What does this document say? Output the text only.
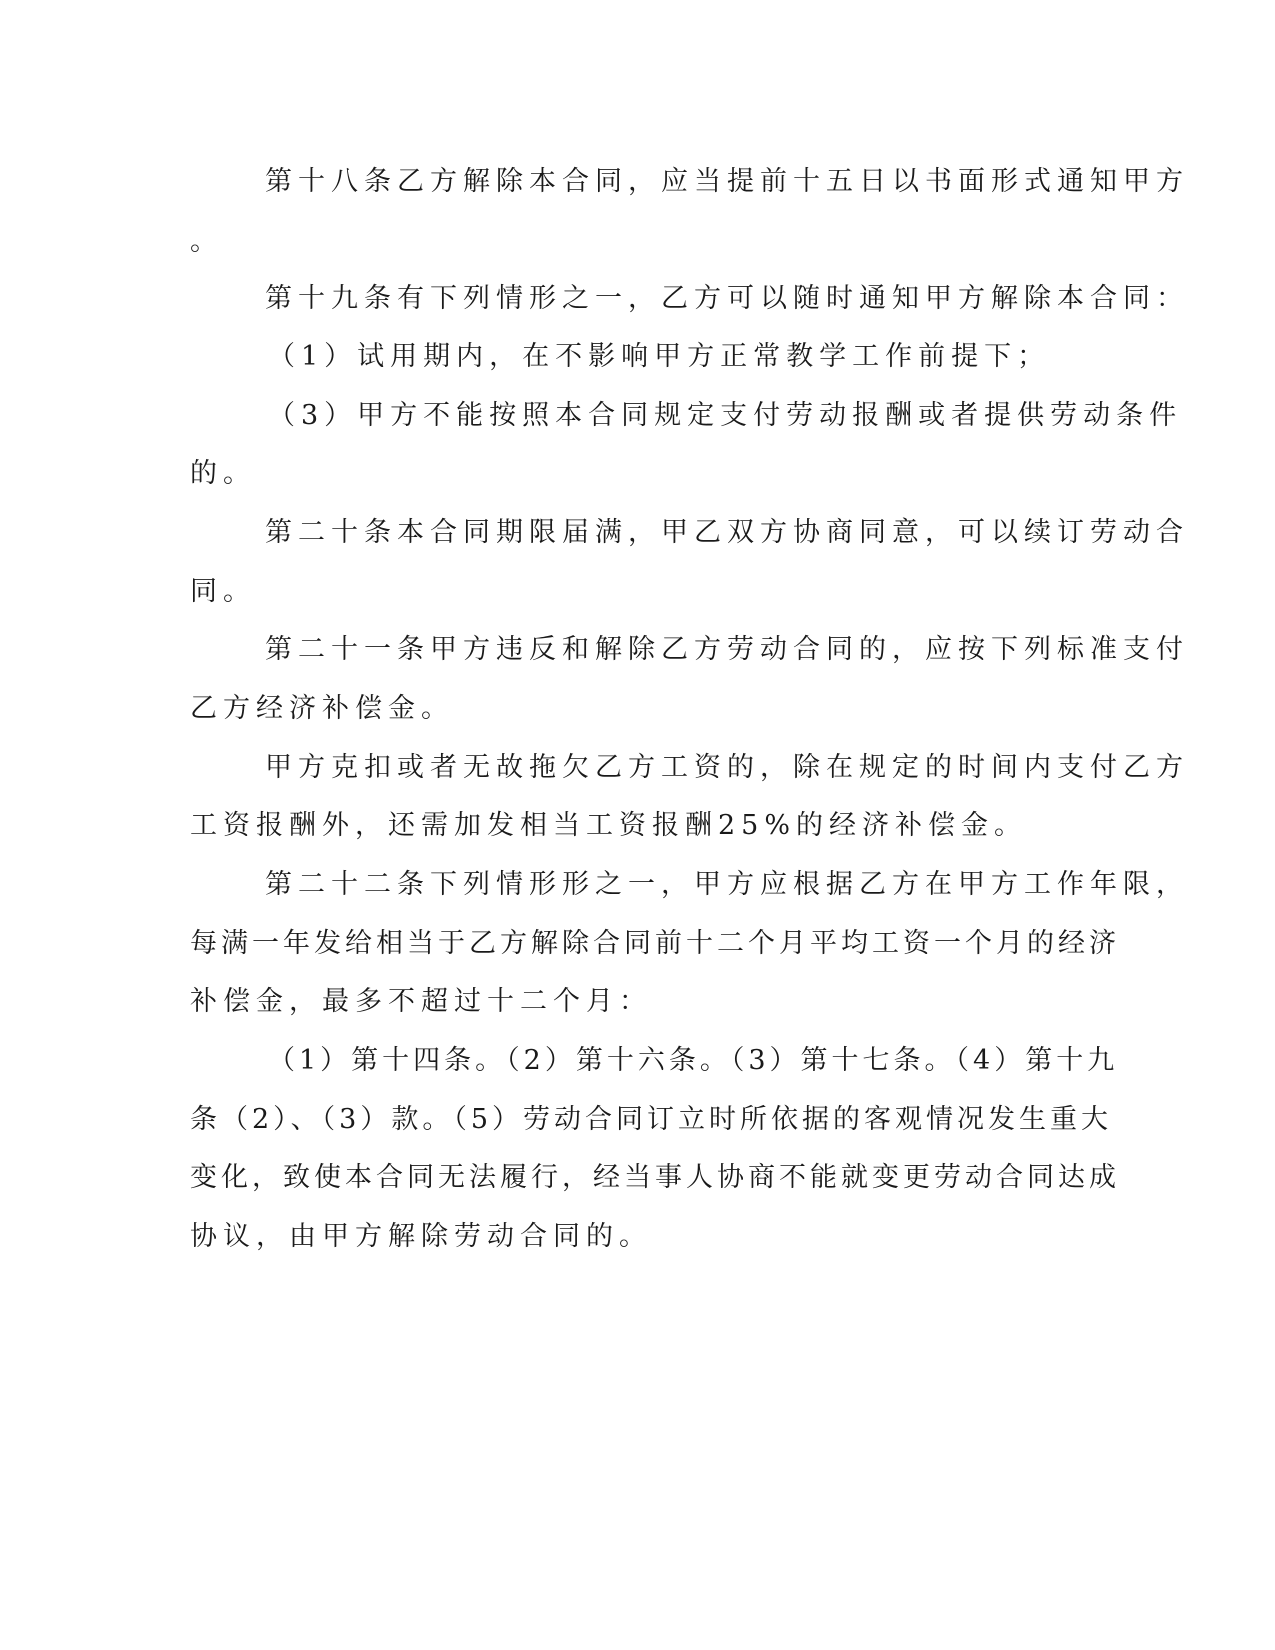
第十八条乙方解除本合同，应当提前十五日以书面形式通知甲方
。
第十九条有下列情形之一，乙方可以随时通知甲方解除本合同：
（1）试用期内，在不影响甲方正常教学工作前提下；
（3）甲方不能按照本合同规定支付劳动报酬或者提供劳动条件
的。
第二十条本合同期限届满，甲乙双方协商同意，可以续订劳动合
同。
第二十一条甲方违反和解除乙方劳动合同的，应按下列标准支付
乙方经济补偿金。
甲方克扣或者无故拖欠乙方工资的，除在规定的时间内支付乙方
工资报酬外，还需加发相当工资报酬25%的经济补偿金。
第二十二条下列情形形之一，甲方应根据乙方在甲方工作年限，
每满一年发给相当于乙方解除合同前十二个月平均工资一个月的经济
补偿金，最多不超过十二个月：
（1）第十四条。（2）第十六条。（3）第十七条。（4）第十九
条（2）、（3）款。（5）劳动合同订立时所依据的客观情况发生重大
变化，致使本合同无法履行，经当事人协商不能就变更劳动合同达成
协议，由甲方解除劳动合同的。
